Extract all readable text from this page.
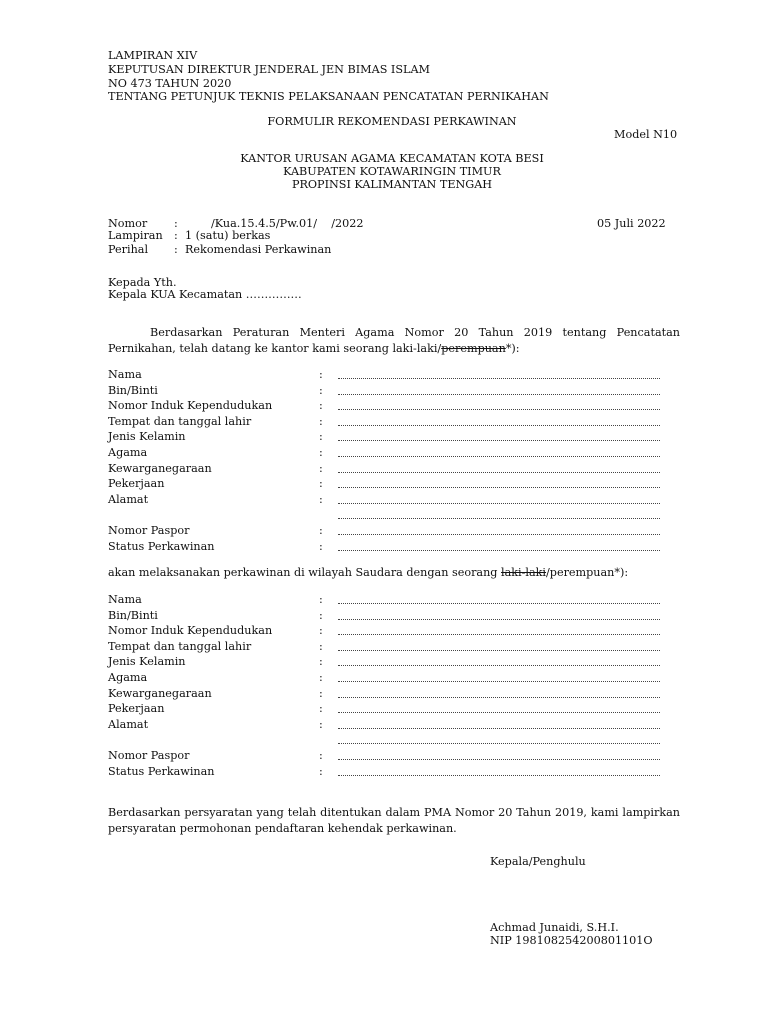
LAMPIRAN XIV
KEPUTUSAN DIREKTUR JENDERAL JEN BIMAS ISLAM
NO 473 TAHUN 2020
TENTANG PETUNJUK TEKNIS PELAKSANAAN PENCATATAN PERNIKAHAN
FORMULIR REKOMENDASI PERKAWINAN
Model N10
KANTOR URUSAN AGAMA KECAMATAN KOTA BESI
KABUPATEN KOTAWARINGIN TIMUR
PROPINSI KALIMANTAN TENGAH
Nomor :	/Kua.15.4.5/Pw.01/    /2022	05 Juli 2022
Lampiran : 1 (satu) berkas
Perihal : Rekomendasi Perkawinan
Kepada Yth.
Kepala KUA Kecamatan ……………
Berdasarkan Peraturan Menteri Agama Nomor 20 Tahun 2019 tentang Pencatatan Pernikahan, telah datang ke kantor kami seorang laki-laki/perempuan*):
Nama	:
Bin/Binti	:
Nomor Induk Kependudukan	:
Tempat dan tanggal lahir	:
Jenis Kelamin	:
Agama	:
Kewarganegaraan	:
Pekerjaan	:
Alamat	:
Nomor Paspor	:
Status Perkawinan	:
akan melaksanakan perkawinan di wilayah Saudara dengan seorang laki-laki/perempuan*):
Nama	:
Bin/Binti	:
Nomor Induk Kependudukan	:
Tempat dan tanggal lahir	:
Jenis Kelamin	:
Agama	:
Kewarganegaraan	:
Pekerjaan	:
Alamat	:
Nomor Paspor	:
Status Perkawinan	:
Berdasarkan persyaratan yang telah ditentukan dalam PMA Nomor 20 Tahun 2019, kami lampirkan persyaratan permohonan pendaftaran kehendak perkawinan.
Kepala/Penghulu
Achmad Junaidi, S.H.I.
NIP 198108254200801101O
